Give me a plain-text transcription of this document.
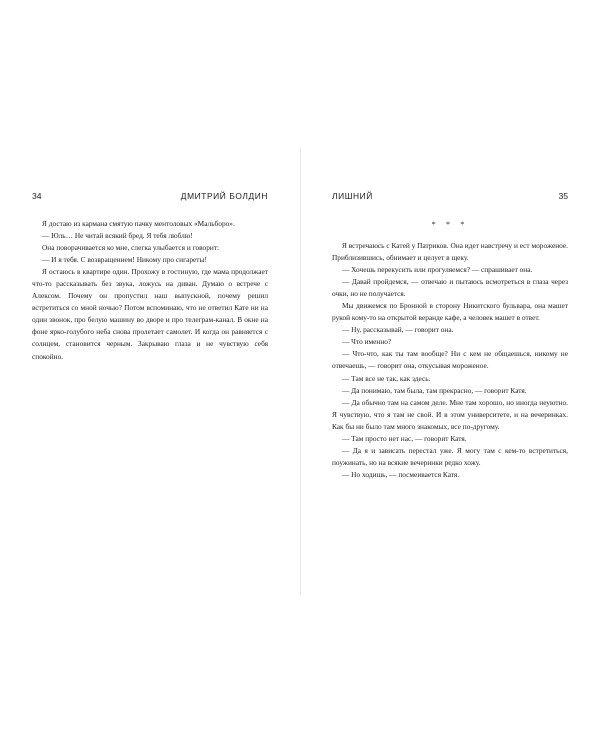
34	ДМИТРИЙ БОЛДИН

Я достаю из кармана смятую пачку ментоловых «Мальборо».

— Юль… Не читай всякий бред. Я тебя люблю!

Она поворачивается ко мне, слегка улыбается и говорит:

— И я тебя. С возвращением! Никому про сигареты!

Я остаюсь в квартире один. Прохожу в гостиную, где мама продолжает что-то рассказывать без звука, ложусь на диван. Думаю о встрече с Алексом. Почему он пропустил наш выпускной, почему решил встретиться со мной ночью? Потом вспоминаю, что не ответил Кате ни на один звонок, про белую машину во дворе и про телеграм-канал. В окне на фоне ярко-голубого неба снова пролетает самолет. И когда он равняется с солнцем, становится черным. Закрываю глаза и не чувствую себя спокойно.

ЛИШНИЙ	35
* * *

Я встречаюсь с Катей у Патриков. Она идет навстречу и ест мороженое. Приблизившись, обнимает и целует в щеку.

— Хочешь перекусить или прогуляемся? — спрашивает она.

— Давай пройдемся, — отвечаю и пытаюсь всмотреться в глаза через очки, но не получается.

Мы движемся по Бронной в сторону Никитского бульвара, она машет рукой кому-то на открытой веранде кафе, а человек машет в ответ.

— Ну, рассказывай, — говорит она.

— Что именно?

— Что-что, как ты там вообще? Ни с кем не общаешься, никому не отвечаешь, — говорит она, откусывая мороженое.

— Там все не так, как здесь.

— Да понимаю, там была, там прекрасно, — говорит Катя.

— Да обычно там на самом деле. Мне там хорошо, но иногда неуютно. Я чувствую, что я там не свой. И в этом университете, и на вечеринках. Как бы ни было там много знакомых, все по-другому.

— Там просто нет нас, — говорит Катя.

— Да я и зависать перестал уже. Я могу там с кем-то встретиться, поужинать, но на всякие вечеринки редко хожу.

— Но ходишь, — посмеивается Катя.
